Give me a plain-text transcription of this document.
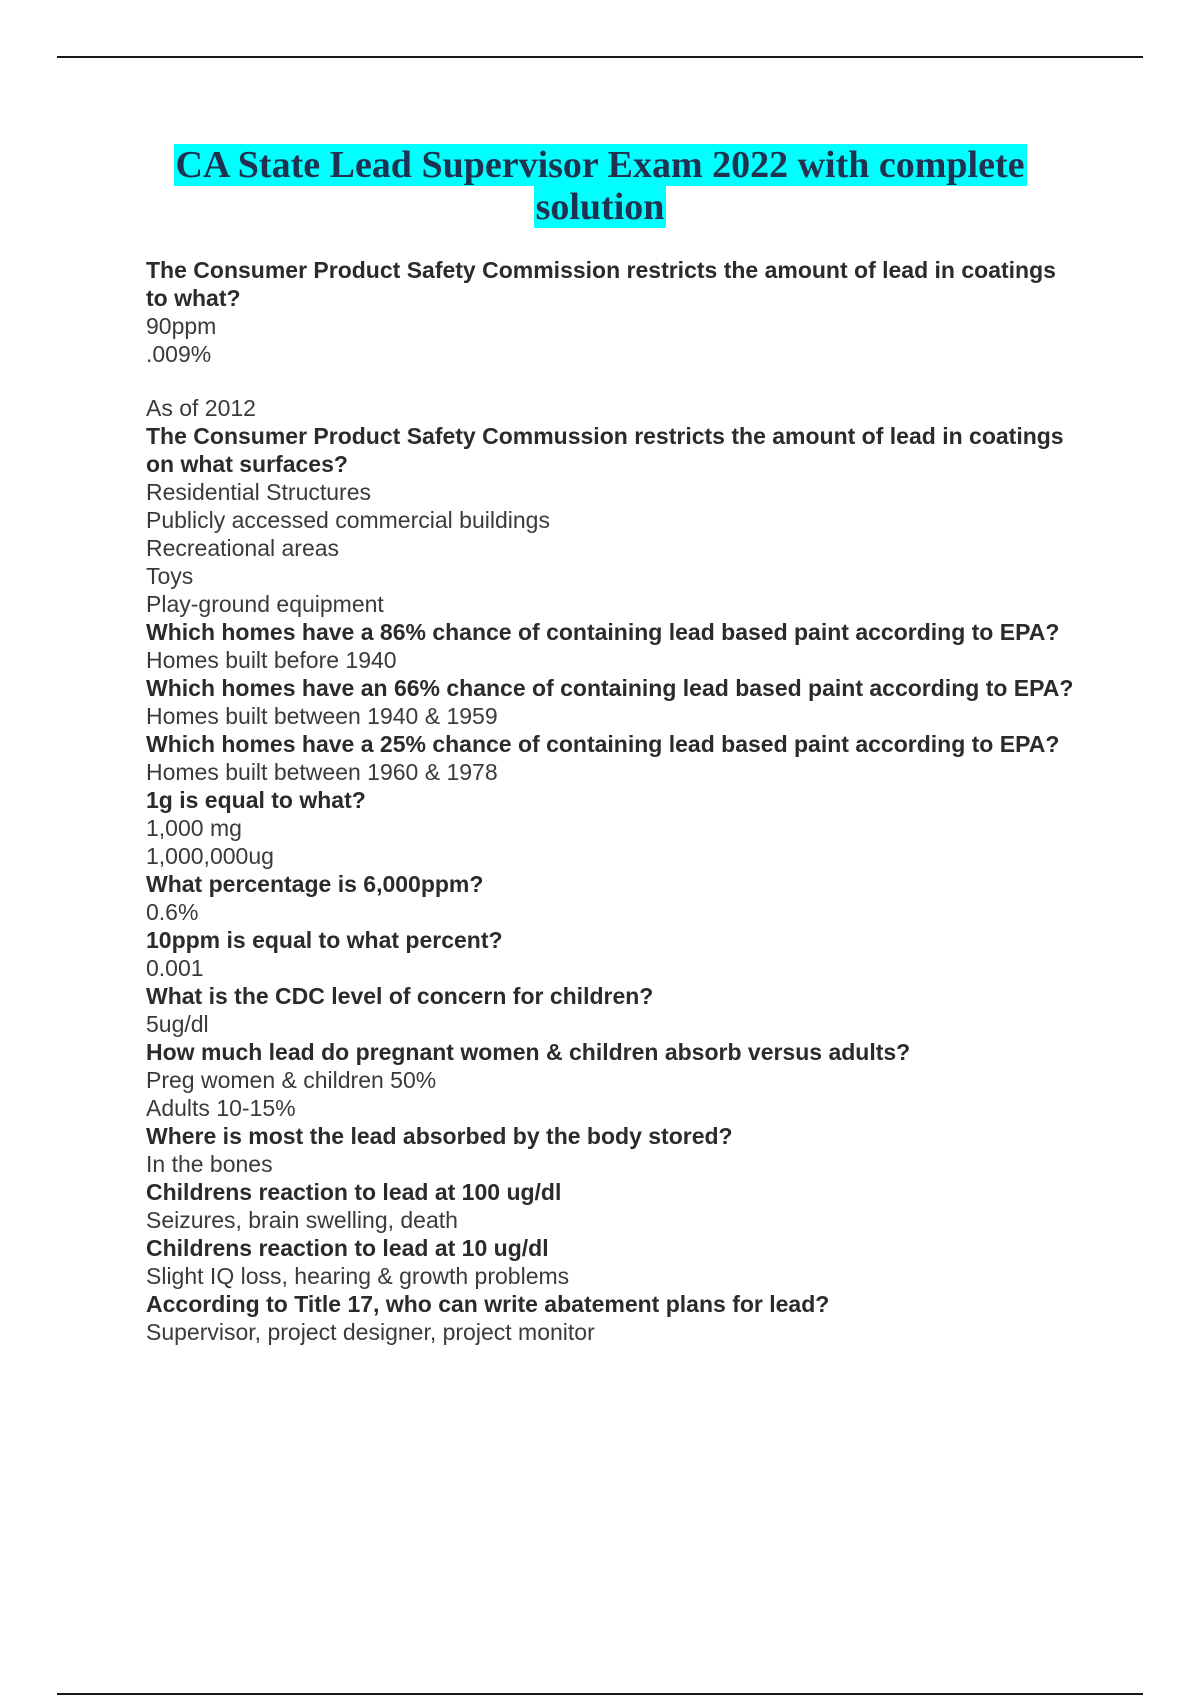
CA State Lead Supervisor Exam 2022 with complete
solution
The Consumer Product Safety Commission restricts the amount of lead in coatings to what?
90ppm
.009%
As of 2012
The Consumer Product Safety Commussion restricts the amount of lead in coatings on what surfaces?
Residential Structures
Publicly accessed commercial buildings
Recreational areas
Toys
Play-ground equipment
Which homes have a 86% chance of containing lead based paint according to EPA?
Homes built before 1940
Which homes have an 66% chance of containing lead based paint according to EPA?
Homes built between 1940 & 1959
Which homes have a 25% chance of containing lead based paint according to EPA?
Homes built between 1960 & 1978
1g is equal to what?
1,000 mg
1,000,000ug
What percentage is 6,000ppm?
0.6%
10ppm is equal to what percent?
0.001
What is the CDC level of concern for children?
5ug/dl
How much lead do pregnant women & children absorb versus adults?
Preg women & children 50%
Adults 10-15%
Where is most the lead absorbed by the body stored?
In the bones
Childrens reaction to lead at 100 ug/dl
Seizures, brain swelling, death
Childrens reaction to lead at 10 ug/dl
Slight IQ loss, hearing & growth problems
According to Title 17, who can write abatement plans for lead?
Supervisor, project designer, project monitor
